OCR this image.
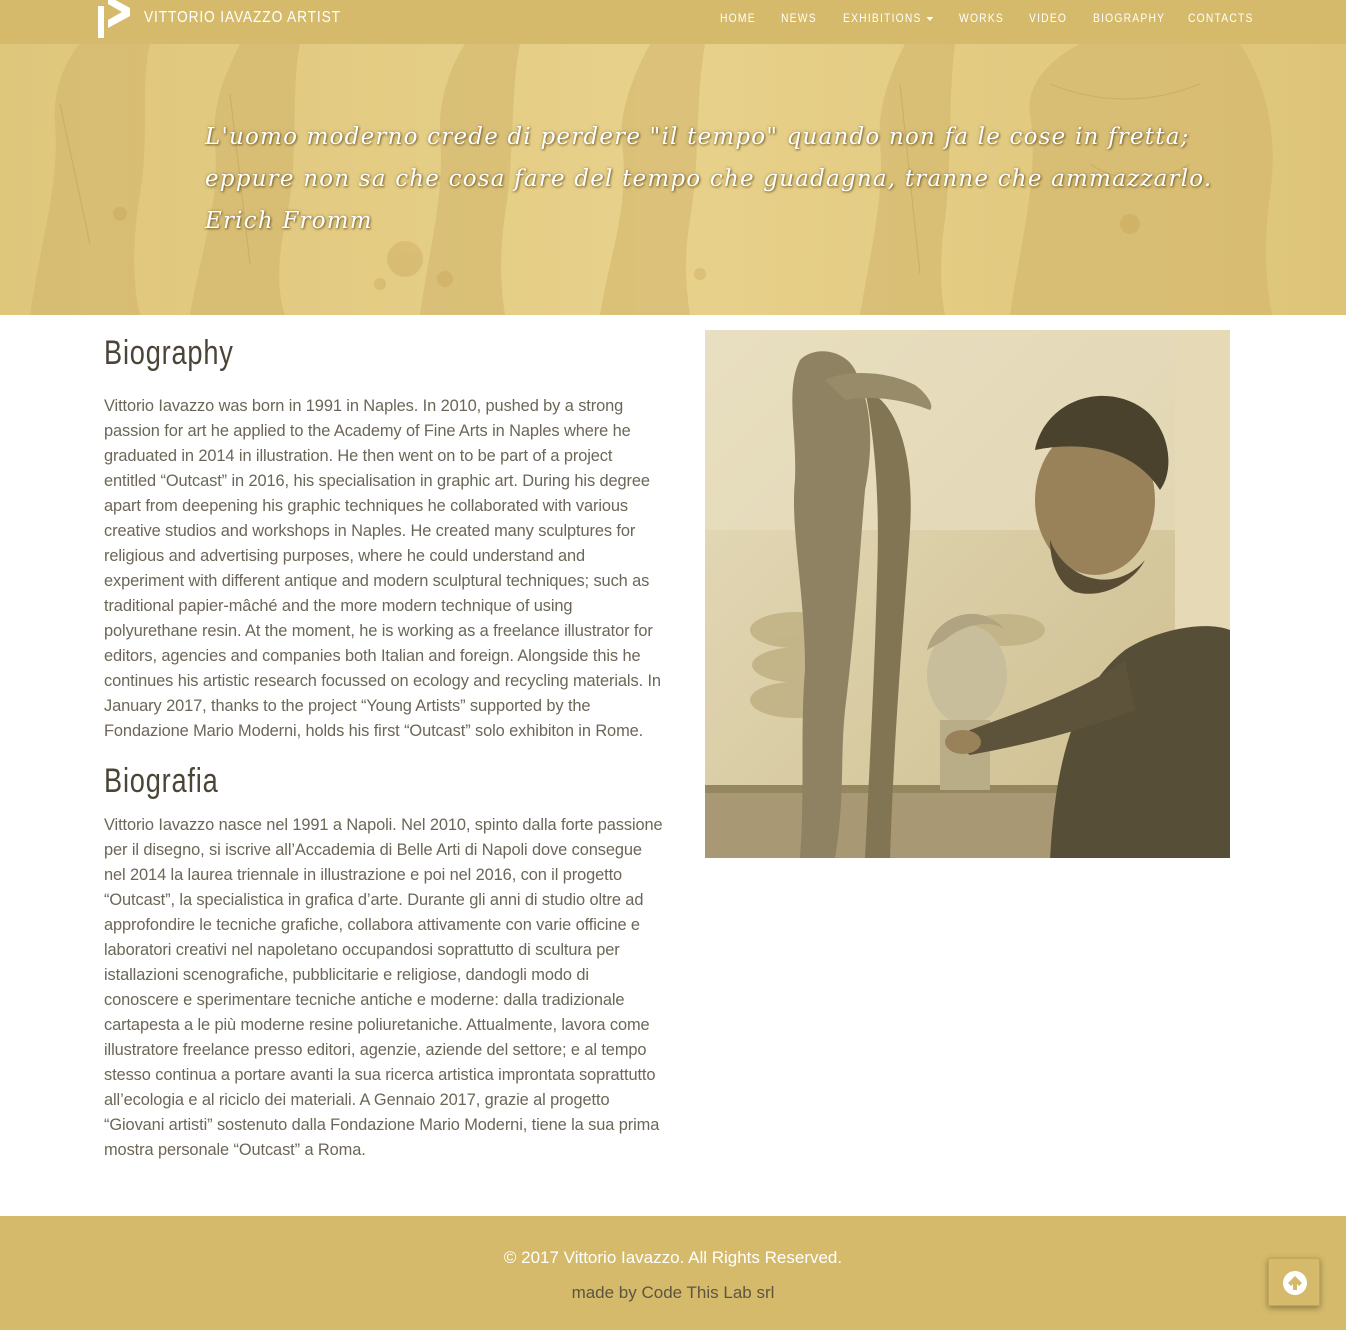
VITTORIO IAVAZZO ARTIST	HOME NEWS EXHIBITIONS	WORKS VIDEO BIOGRAPHY CONTACTS
L'uomo moderno crede di perdere "il tempo" quando non fa le cose in fretta;
eppure non sa che cosa fare del tempo che guadagna, tranne che ammazzarlo.
Erich Fromm
Biography

Vittorio Iavazzo was born in 1991 in Naples. In 2010, pushed by a strong passion for art he applied to the Academy of Fine Arts in Naples where he graduated in 2014 in illustration. He then went on to be part of a project entitled “Outcast” in 2016, his specialisation in graphic art. During his degree apart from deepening his graphic techniques he collaborated with various creative studios and workshops in Naples. He created many sculptures for religious and advertising purposes, where he could understand and experiment with different antique and modern sculptural techniques; such as traditional papier-mâché and the more modern technique of using polyurethane resin. At the moment, he is working as a freelance illustrator for editors, agencies and companies both Italian and foreign. Alongside this he continues his artistic research focussed on ecology and recycling materials. In January 2017, thanks to the project “Young Artists” supported by the Fondazione Mario Moderni, holds his first “Outcast” solo exhibiton in Rome.

Biografia

Vittorio Iavazzo nasce nel 1991 a Napoli. Nel 2010, spinto dalla forte passione per il disegno, si iscrive all’Accademia di Belle Arti di Napoli dove consegue nel 2014 la laurea triennale in illustrazione e poi nel 2016, con il progetto “Outcast”, la specialistica in grafica d’arte. Durante gli anni di studio oltre ad approfondire le tecniche grafiche, collabora attivamente con varie officine e laboratori creativi nel napoletano occupandosi soprattutto di scultura per istallazioni scenografiche, pubblicitarie e religiose, dandogli modo di conoscere e sperimentare tecniche antiche e moderne: dalla tradizionale cartapesta a le più moderne resine poliuretaniche. Attualmente, lavora come illustratore freelance presso editori, agenzie, aziende del settore; e al tempo stesso continua a portare avanti la sua ricerca artistica improntata soprattutto all’ecologia e al riciclo dei materiali. A Gennaio 2017, grazie al progetto “Giovani artisti” sostenuto dalla Fondazione Mario Moderni, tiene la sua prima mostra personale “Outcast” a Roma.

© 2017 Vittorio Iavazzo. All Rights Reserved.
made by Code This Lab srl
